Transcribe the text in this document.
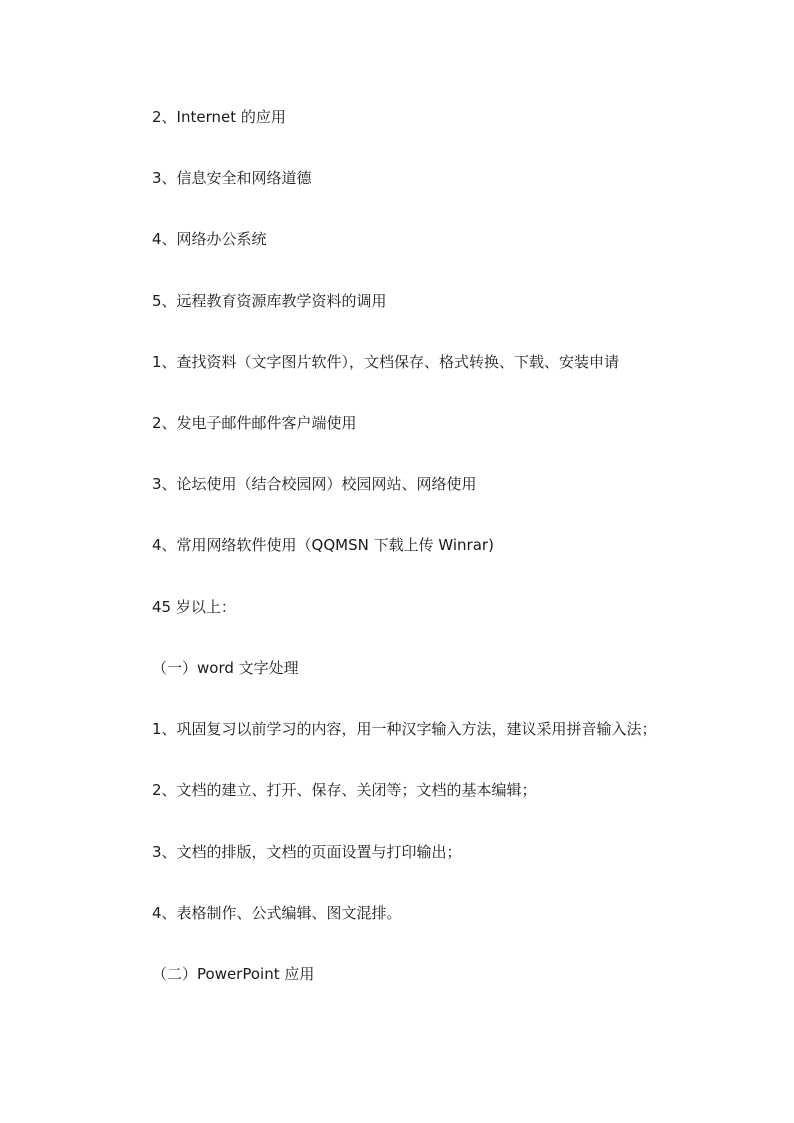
2、Internet 的应用
3、信息安全和网络道德
4、网络办公系统
5、远程教育资源库教学资料的调用
1、查找资料（文字图片软件），文档保存、格式转换、下载、安装申请
2、发电子邮件邮件客户端使用
3、论坛使用（结合校园网）校园网站、网络使用
4、常用网络软件使用（QQMSN 下载上传 Winrar)
45 岁以上：
（一）word 文字处理
1、巩固复习以前学习的内容，用一种汉字输入方法，建议采用拼音输入法；
2、文档的建立、打开、保存、关闭等；文档的基本编辑；
3、文档的排版，文档的页面设置与打印输出；
4、表格制作、公式编辑、图文混排。
（二）PowerPoint 应用
